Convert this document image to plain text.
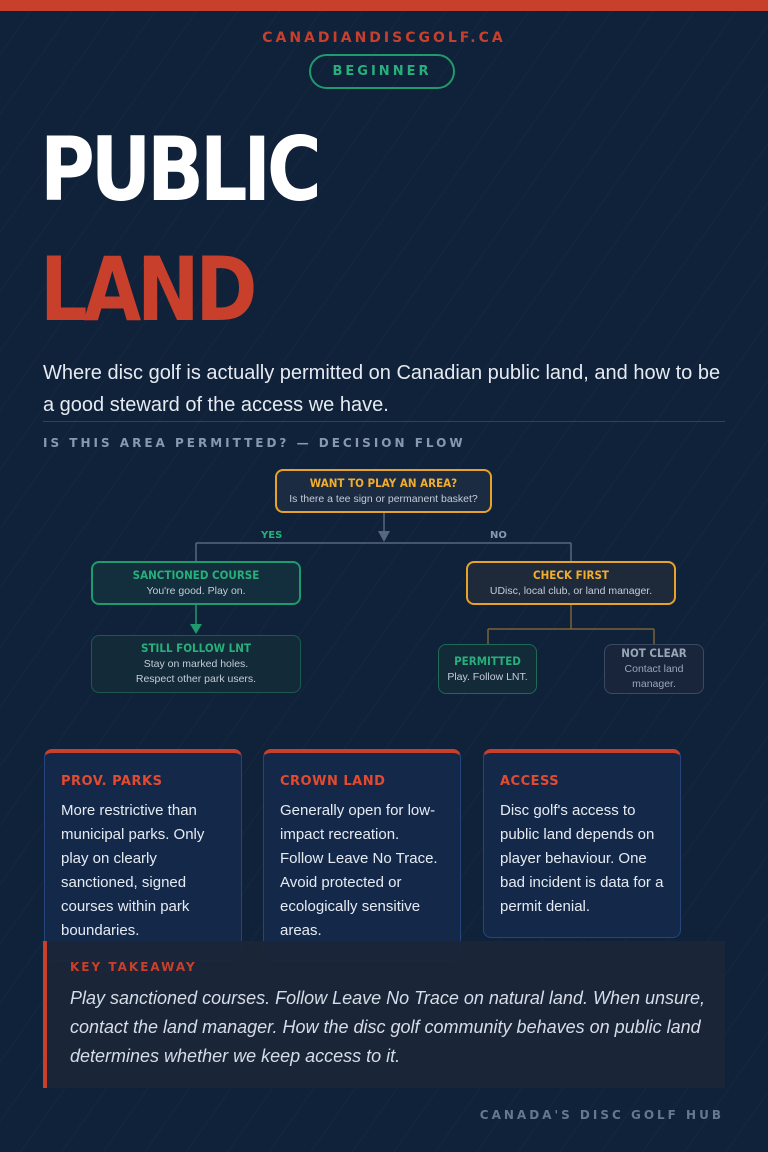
CANADIANDISCGOLF.CA
BEGINNER
PUBLIC
LAND
Where disc golf is actually permitted on Canadian public land, and how to be a good steward of the access we have.
IS THIS AREA PERMITTED? — DECISION FLOW
YES	NO
WANT TO PLAY AN AREA?
Is there a tee sign or permanent basket?
SANCTIONED COURSE
You're good. Play on.
CHECK FIRST
UDisc, local club, or land manager.
STILL FOLLOW LNT
Stay on marked holes.
Respect other park users.
PERMITTED
Play. Follow LNT.
NOT CLEAR
Contact land manager.
PROV. PARKS
More restrictive than municipal parks. Only play on clearly sanctioned, signed courses within park boundaries.
CROWN LAND
Generally open for low-impact recreation. Follow Leave No Trace. Avoid protected or ecologically sensitive areas.
ACCESS
Disc golf's access to public land depends on player behaviour. One bad incident is data for a permit denial.
KEY TAKEAWAY
Play sanctioned courses. Follow Leave No Trace on natural land. When unsure, contact the land manager. How the disc golf community behaves on public land determines whether we keep access to it.
CANADA'S DISC GOLF HUB
